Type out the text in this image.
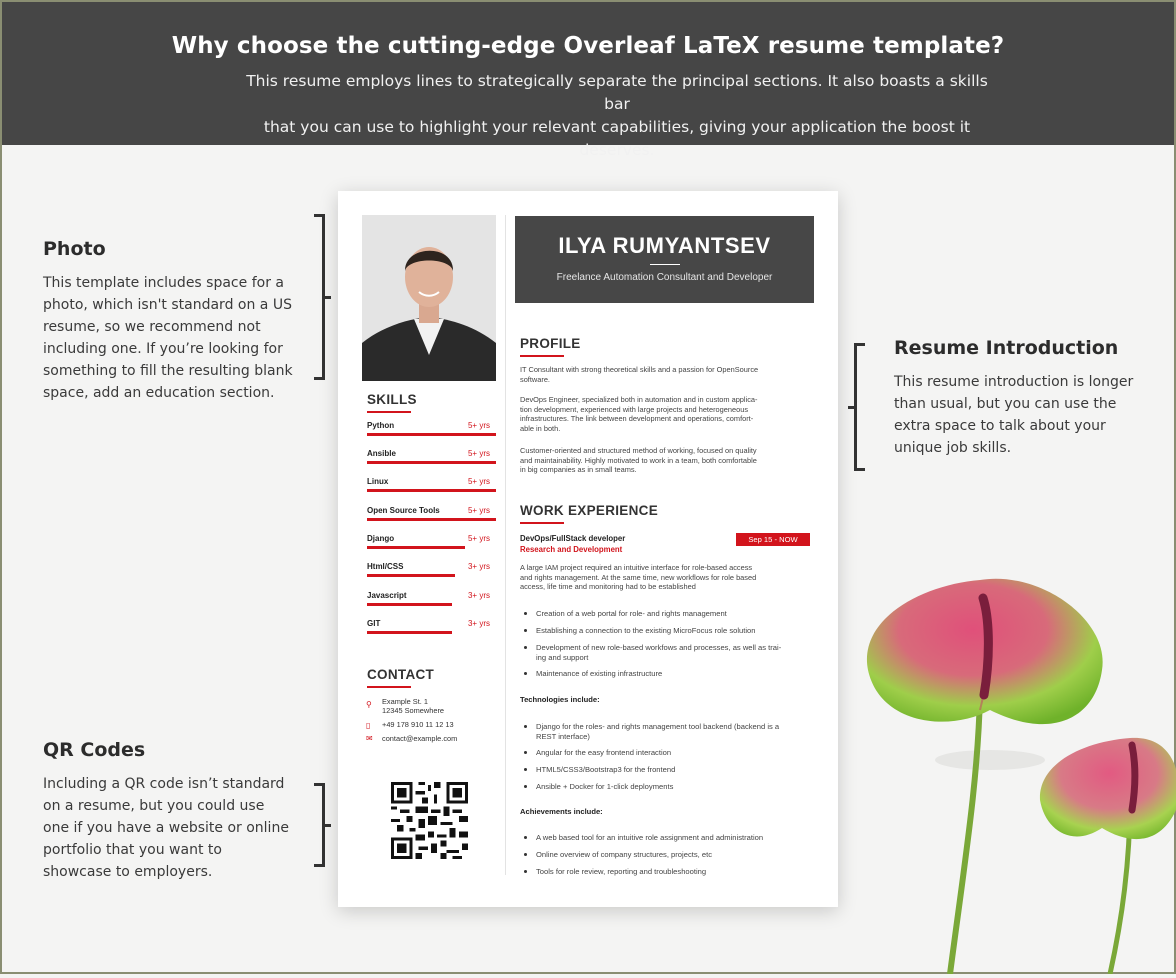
Why choose the cutting-edge Overleaf LaTeX resume template?
This resume employs lines to strategically separate the principal sections. It also boasts a skills bar
that you can use to highlight your relevant capabilities, giving your application the boost it deserves.
Photo

This template includes space for a
photo, which isn't standard on a US
resume, so we recommend not
including one. If you’re looking for
something to fill the resulting blank
space, add an education section.

QR Codes

Including a QR code isn’t standard
on a resume, but you could use
one if you have a website or online
portfolio that you want to
showcase to employers.

Resume Introduction

This resume introduction is longer
than usual, but you can use the
extra space to talk about your
unique job skills.

SKILLS
Python	5+ yrs
Ansible	5+ yrs
Linux	5+ yrs
Open Source Tools	5+ yrs
Django	5+ yrs
Html/CSS	3+ yrs
Javascript	3+ yrs
GIT	3+ yrs
CONTACT
⚲ Example St. 1
12345 Somewhere
▯ +49 178 910 11 12 13
✉ contact@example.com
ILYA RUMYANTSEV
Freelance Automation Consultant and Developer
PROFILE
IT Consultant with strong theoretical skills and a passion for OpenSource
software.
DevOps Engineer, specialized both in automation and in custom applica-
tion development, experienced with large projects and heterogeneous
infrastructures. The link between development and operations, comfort-
able in both.
Customer-oriented and structured method of working, focused on quality
and maintainability. Highly motivated to work in a team, both comfortable
in big companies as in small teams.
WORK EXPERIENCE
DevOps/FullStack developer
Research and Development
Sep 15 - NOW
A large IAM project required an intuitive interface for role-based access
and rights management. At the same time, new workflows for role based
access, life time and monitoring had to be established
Creation of a web portal for role- and rights management
Establishing a connection to the existing MicroFocus role solution
Development of new role-based workfows and processes, as well as trai-
ing and support
Maintenance of existing infrastructure
Technologies include:
Django for the roles- and rights management tool backend (backend is a
REST interface)
Angular for the easy frontend interaction
HTML5/CSS3/Bootstrap3 for the frontend
Ansible + Docker for 1-click deployments
Achievements include:
A web based tool for an intuitive role assignment and administration
Online overview of company structures, projects, etc
Tools for role review, reporting and troubleshooting
